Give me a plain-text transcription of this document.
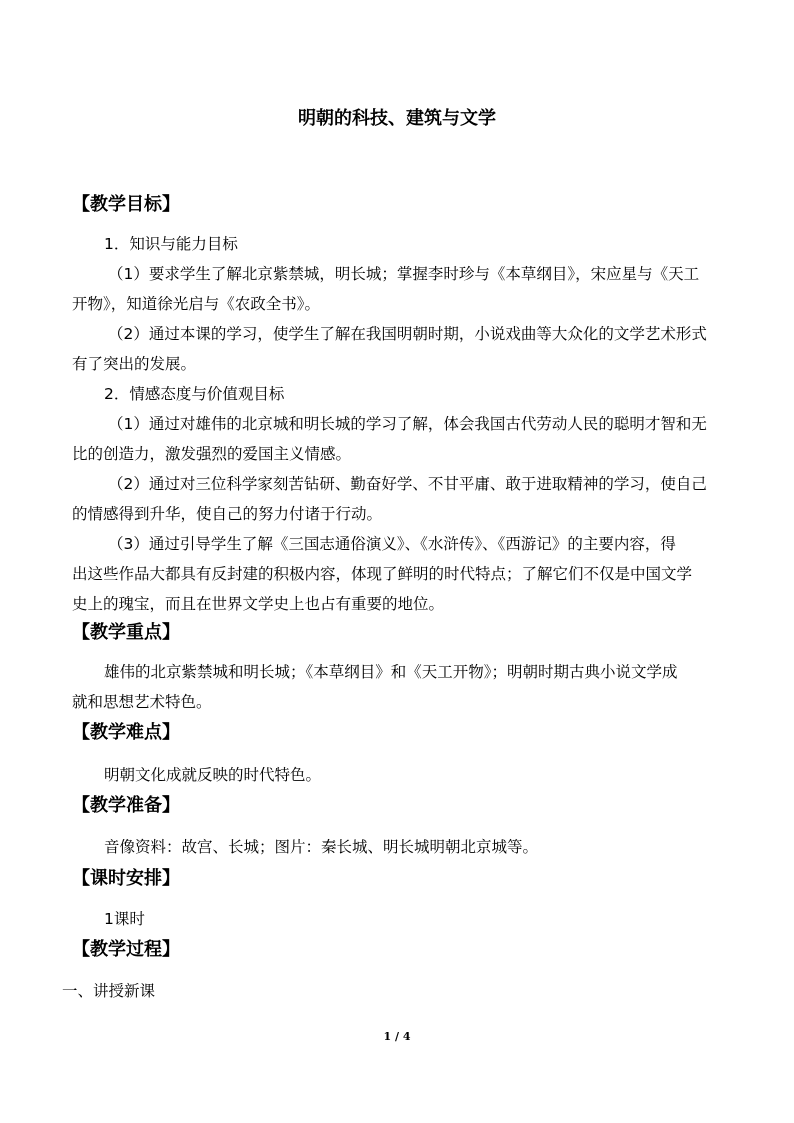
明朝的科技、建筑与文学
【教学目标】
1．知识与能力目标
（1）要求学生了解北京紫禁城，明长城；掌握李时珍与《本草纲目》，宋应星与《天工
开物》，知道徐光启与《农政全书》。
（2）通过本课的学习，使学生了解在我国明朝时期，小说戏曲等大众化的文学艺术形式
有了突出的发展。
2．情感态度与价值观目标
（1）通过对雄伟的北京城和明长城的学习了解，体会我国古代劳动人民的聪明才智和无
比的创造力，激发强烈的爱国主义情感。
（2）通过对三位科学家刻苦钻研、勤奋好学、不甘平庸、敢于进取精神的学习，使自己
的情感得到升华，使自己的努力付诸于行动。
（3）通过引导学生了解《三国志通俗演义》、《水浒传》、《西游记》的主要内容，得
出这些作品大都具有反封建的积极内容，体现了鲜明的时代特点；了解它们不仅是中国文学
史上的瑰宝，而且在世界文学史上也占有重要的地位。
【教学重点】
雄伟的北京紫禁城和明长城；《本草纲目》和《天工开物》；明朝时期古典小说文学成
就和思想艺术特色。
【教学难点】
明朝文化成就反映的时代特色。
【教学准备】
音像资料：故宫、长城；图片：秦长城、明长城明朝北京城等。
【课时安排】
1课时
【教学过程】
一、讲授新课
1 / 4
